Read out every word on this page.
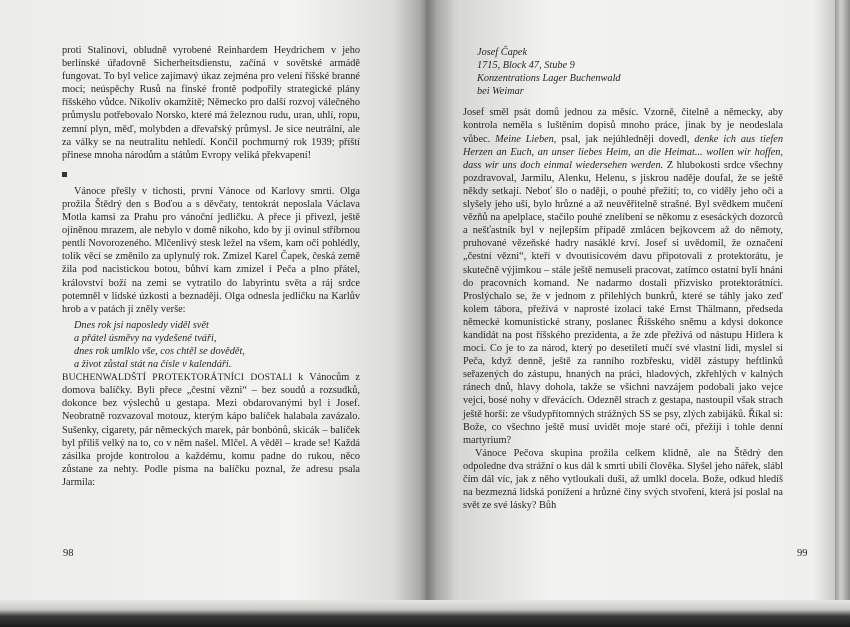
proti Stalinovi, obludně vyrobené Reinhardem Heydrichem v jeho berlínské úřadovně Sicherheitsdienstu, začíná v sovětské armádě fungovat. To byl velice zajímavý úkaz zejména pro velení říšské branné moci; neúspěchy Rusů na finské frontě podpořily strategické plány říšského vůdce. Nikoliv okamžitě; Německo pro další rozvoj válečného průmyslu potřebovalo Norsko, které má železnou rudu, uran, uhlí, ropu, zemní plyn, měď, molybden a dřevařský průmysl. Je sice neutrální, ale za války se na neutralitu nehledí. Končil pochmurný rok 1939; příští přinese mnoha národům a státům Evropy veliká překvapení!

Vánoce přešly v tichosti, první Vánoce od Karlovy smrti. Olga prožila Štědrý den s Boďou a s děvčaty, tentokrát neposlala Václava Motla kamsi za Prahu pro vánoční jedličku. A přece ji přivezl, ještě ojíněnou mrazem, ale nebylo v domě nikoho, kdo by ji ovinul stříbrnou pentlí Novorozeného. Mlčenlivý stesk ležel na všem, kam oči pohlédly, tolik věcí se změnilo za uplynulý rok. Zmizel Karel Čapek, česká země žila pod nacistickou botou, bůhví kam zmizel i Peča a plno přátel, království boží na zemi se vytratilo do labyrintu světa a ráj srdce potemněl v lidské úzkosti a beznaději. Olga odnesla jedličku na Karlův hrob a v patách jí zněly verše:

Dnes rok jsi naposledy viděl svět
a přátel úsměvy na vydešené tváři,
dnes rok umlklo vše, cos chtěl se dovědět,
a život zůstal stát na čísle v kalendáři.

BUCHENWALDŠTÍ PROTEKTORÁTNÍCI DOSTALI k Vánocům z domova balíčky. Byli přece „čestní vězni“ – bez soudů a rozsudků, dokonce bez výslechů u gestapa. Mezi obdarovanými byl i Josef. Neobratně rozvazoval motouz, kterým kápo balíček halabala zavázalo. Sušenky, cigarety, pár německých marek, pár bonbónů, skicák – balíček byl příliš velký na to, co v něm našel. Mlčel. A věděl – krade se! Každá zásilka projde kontrolou a každému, komu padne do rukou, něco zůstane za nehty. Podle písma na balíčku poznal, že adresu psala Jarmila:

98
Josef Čapek
1715, Block 47, Stube 9
Konzentrations Lager Buchenwald
bei Weimar

Josef směl psát domů jednou za měsíc. Vzorně, čitelně a německy, aby kontrola neměla s luštěním dopisů mnoho práce, jinak by je neodeslala vůbec. Meine Lieben, psal, jak nejúhledněji dovedl, denke ich aus tiefen Herzen an Euch, an unser liebes Heim, an die Heimat... wollen wir hoffen, dass wir uns doch einmal wiedersehen werden. Z hlubokosti srdce všechny pozdravoval, Jarmilu, Alenku, Helenu, s jiskrou naděje doufal, že se ještě někdy setkají. Neboť šlo o naději, o pouhé přežití; to, co viděly jeho oči a slyšely jeho uši, bylo hrůzné a až neuvěřitelně strašné. Byl svědkem mučení vězňů na apelplace, stačilo pouhé znelíbení se někomu z esesáckých dozorců a nešťastník byl v nejlepším případě zmlácen bejkovcem až do němoty, pruhované vězeňské hadry nasáklé krví. Josef si uvědomil, že označení „čestní vězni“, kteří v dvoutisícovém davu připotovali z protektorátu, je skutečně výjimkou – stále ještě nemuseli pracovat, zatímco ostatní byli hnáni do pracovních komand. Ne nadarmo dostali přízvisko protektorátníci. Proslýchalo se, že v jednom z přilehlých bunkrů, které se táhly jako zeď kolem tábora, přežívá v naprosté izolaci také Ernst Thälmann, předseda německé komunistické strany, poslanec Říšského sněmu a kdysi dokonce kandidát na post říšského prezidenta, a že zde přežívá od nástupu Hitlera k moci. Co je to za národ, který po desetiletí mučí své vlastní lidi, myslel si Peča, když denně, ještě za ranního rozbřesku, viděl zástupy heftlinků seřazených do zástupu, hnaných na práci, hladových, zkřehlých v kalných ránech dnů, hlavy dohola, takže se všichni navzájem podobali jako vejce vejci, bosé nohy v dřevácích. Odezněl strach z gestapa, nastoupil však strach ještě horší: ze všudypřítomných strážných SS se psy, zlých zabijáků. Říkal si: Bože, co všechno ještě musí uvidět moje staré oči, přežiji i tohle denní martyrium?

Vánoce Pečova skupina prožila celkem klidně, ale na Štědrý den odpoledne dva strážní o kus dál k smrti ubili člověka. Slyšel jeho nářek, slábl čím dál víc, jak z něho vytloukali duši, až umlkl docela. Bože, odkud hledíš na bezmezná lidská ponížení a hrůzné činy svých stvoření, která jsi poslal na svět ze své lásky? Bůh

99
